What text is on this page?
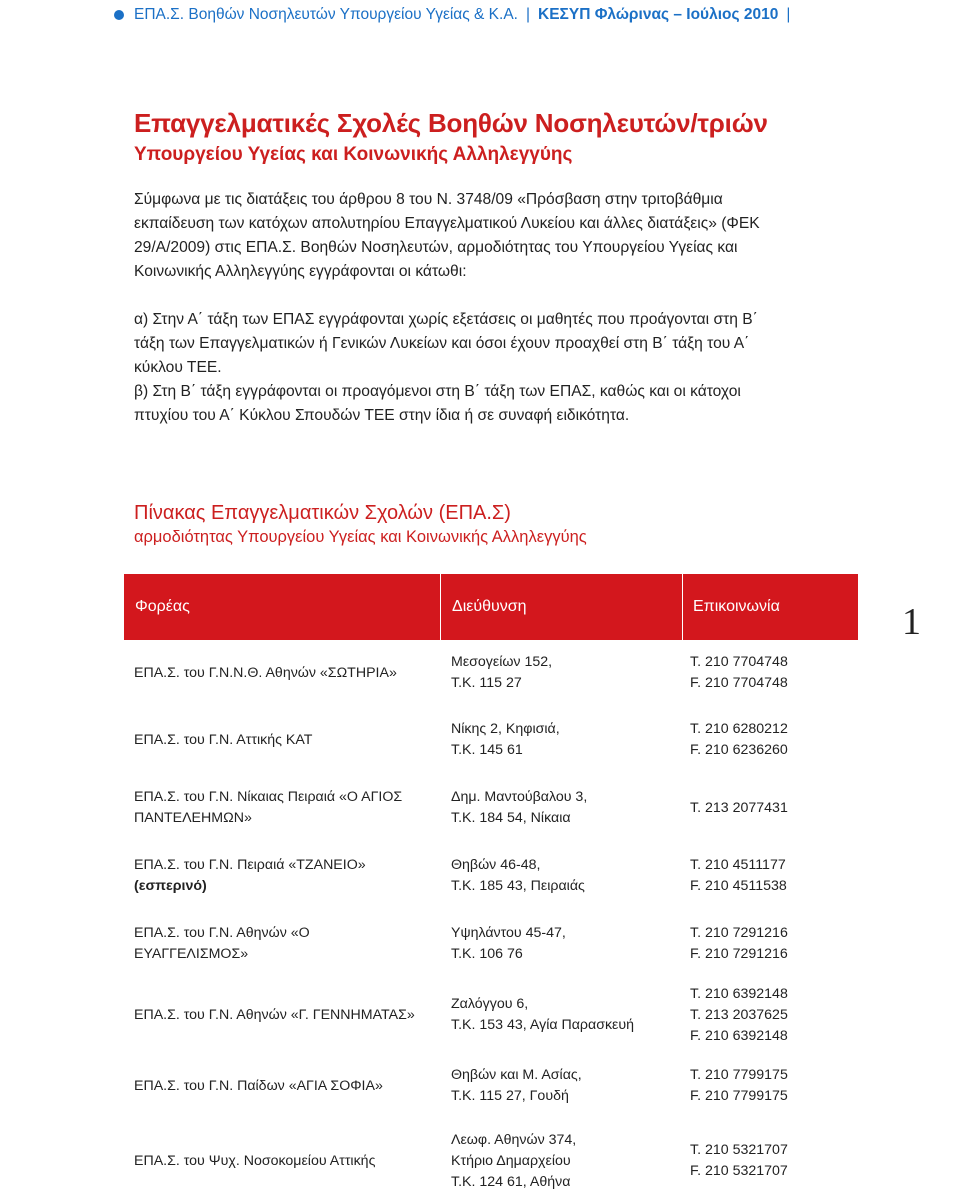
ΕΠΑ.Σ. Βοηθών Νοσηλευτών Υπουργείου Υγείας & Κ.Α. | ΚΕΣΥΠ Φλώρινας – Ιούλιος 2010 |
Επαγγελματικές Σχολές Βοηθών Νοσηλευτών/τριών
Υπουργείου Υγείας και Κοινωνικής Αλληλεγγύης
Σύμφωνα με τις διατάξεις του άρθρου 8 του Ν. 3748/09 «Πρόσβαση στην τριτοβάθμια
εκπαίδευση των κατόχων απολυτηρίου Επαγγελματικού Λυκείου και άλλες διατάξεις» (ΦΕΚ
29/Α/2009) στις ΕΠΑ.Σ. Βοηθών Νοσηλευτών, αρμοδιότητας του Υπουργείου Υγείας και
Κοινωνικής Αλληλεγγύης εγγράφονται οι κάτωθι:
α) Στην Α΄ τάξη των ΕΠΑΣ εγγράφονται χωρίς εξετάσεις οι μαθητές που προάγονται στη Β΄
τάξη των Επαγγελματικών ή Γενικών Λυκείων και όσοι έχουν προαχθεί στη Β΄ τάξη του Α΄
κύκλου ΤΕΕ.
β) Στη Β΄ τάξη εγγράφονται οι προαγόμενοι στη Β΄ τάξη των ΕΠΑΣ, καθώς και οι κάτοχοι
πτυχίου του Α΄ Κύκλου Σπουδών ΤΕΕ στην ίδια ή σε συναφή ειδικότητα.
Πίνακας Επαγγελματικών Σχολών (ΕΠΑ.Σ)
αρμοδιότητας Υπουργείου Υγείας και Κοινωνικής Αλληλεγγύης
Φορέας	Διεύθυνση	Επικοινωνία
ΕΠΑ.Σ. του Γ.Ν.Ν.Θ. Αθηνών «ΣΩΤΗΡΙΑ»
Μεσογείων 152,
Τ.Κ. 115 27
Τ. 210 7704748
F. 210 7704748
ΕΠΑ.Σ. του Γ.Ν. Αττικής ΚΑΤ
Νίκης 2, Κηφισιά,
Τ.Κ. 145 61
Τ. 210 6280212
F. 210 6236260
ΕΠΑ.Σ. του Γ.Ν. Νίκαιας Πειραιά «Ο ΑΓΙΟΣ
ΠΑΝΤΕΛΕΗΜΩΝ»
Δημ. Μαντούβαλου 3,
Τ.Κ. 184 54, Νίκαια
Τ. 213 2077431
ΕΠΑ.Σ. του Γ.Ν. Πειραιά «ΤΖΑΝΕΙΟ»
(εσπερινό)
Θηβών 46-48,
Τ.Κ. 185 43, Πειραιάς
Τ. 210 4511177
F. 210 4511538
ΕΠΑ.Σ. του Γ.Ν. Αθηνών «Ο
ΕΥΑΓΓΕΛΙΣΜΟΣ»
Υψηλάντου 45-47,
Τ.Κ. 106 76
Τ. 210 7291216
F. 210 7291216
ΕΠΑ.Σ. του Γ.Ν. Αθηνών «Γ. ΓΕΝΝΗΜΑΤΑΣ»
Ζαλόγγου 6,
Τ.Κ. 153 43, Αγία Παρασκευή
Τ. 210 6392148
Τ. 213 2037625
F. 210 6392148
ΕΠΑ.Σ. του Γ.Ν. Παίδων «ΑΓΙΑ ΣΟΦΙΑ»
Θηβών και Μ. Ασίας,
Τ.Κ. 115 27, Γουδή
Τ. 210 7799175
F. 210 7799175
ΕΠΑ.Σ. του Ψυχ. Νοσοκομείου Αττικής
Λεωφ. Αθηνών 374,
Κτήριο Δημαρχείου
Τ.Κ. 124 61, Αθήνα
Τ. 210 5321707
F. 210 5321707
1
